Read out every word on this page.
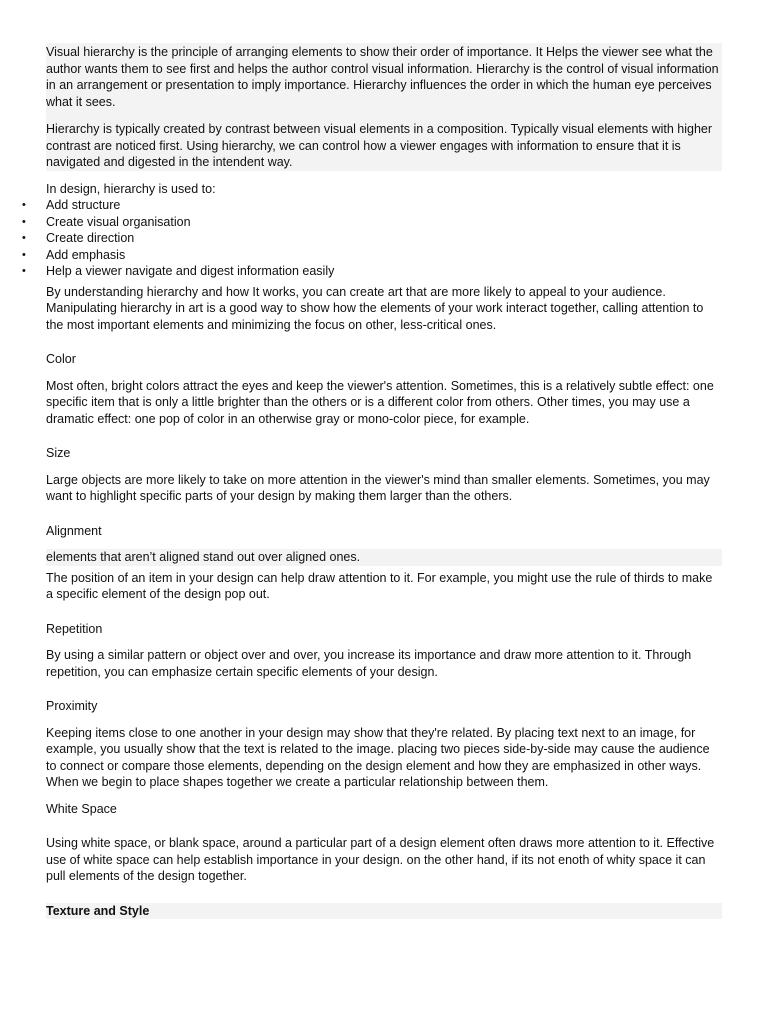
Visual hierarchy is the principle of arranging elements to show their order of importance. It Helps the viewer see what the author wants them to see first and helps the author control visual information. Hierarchy is the control of visual information in an arrangement or presentation to imply importance. Hierarchy influences the order in which the human eye perceives what it sees.

Hierarchy is typically created by contrast between visual elements in a composition. Typically visual elements with higher contrast are noticed first. Using hierarchy, we can control how a viewer engages with information to ensure that it is navigated and digested in the intendent way.

In design, hierarchy is used to:

• Add structure
• Create visual organisation
• Create direction
• Add emphasis
• Help a viewer navigate and digest information easily

By understanding hierarchy and how It works, you can create art that are more likely to appeal to your audience. Manipulating hierarchy in art is a good way to show how the elements of your work interact together, calling attention to the most important elements and minimizing the focus on other, less-critical ones.

Color

Most often, bright colors attract the eyes and keep the viewer's attention. Sometimes, this is a relatively subtle effect: one specific item that is only a little brighter than the others or is a different color from others. Other times, you may use a dramatic effect: one pop of color in an otherwise gray or mono-color piece, for example.

Size

Large objects are more likely to take on more attention in the viewer's mind than smaller elements. Sometimes, you may want to highlight specific parts of your design by making them larger than the others.

Alignment

elements that aren’t aligned stand out over aligned ones.

The position of an item in your design can help draw attention to it. For example, you might use the rule of thirds to make a specific element of the design pop out.

Repetition

By using a similar pattern or object over and over, you increase its importance and draw more attention to it. Through repetition, you can emphasize certain specific elements of your design.

Proximity

Keeping items close to one another in your design may show that they're related. By placing text next to an image, for example, you usually show that the text is related to the image. placing two pieces side-by-side may cause the audience to connect or compare those elements, depending on the design element and how they are emphasized in other ways. When we begin to place shapes together we create a particular relationship between them.

White Space

Using white space, or blank space, around a particular part of a design element often draws more attention to it. Effective use of white space can help establish importance in your design. on the other hand, if its not enoth of whity space it can pull elements of the design together.

Texture and Style
